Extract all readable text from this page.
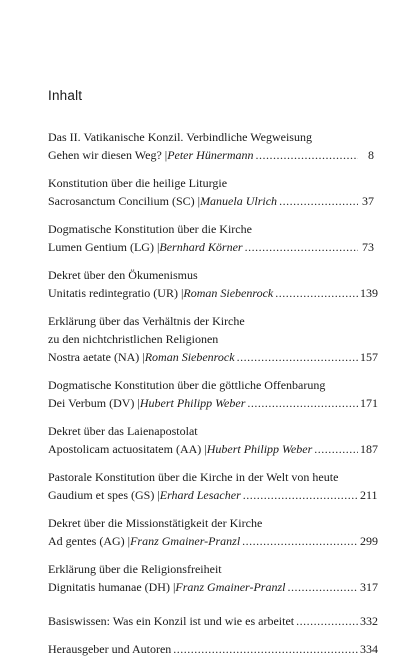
Inhalt
Das II. Vatikanische Konzil. Verbindliche Wegweisung
Gehen wir diesen Weg? | Peter Hünermann .....	8
Konstitution über die heilige Liturgie
Sacrosanctum Concilium (SC) | Manuela Ulrich .....	37
Dogmatische Konstitution über die Kirche
Lumen Gentium (LG) | Bernhard Körner .....	73
Dekret über den Ökumenismus
Unitatis redintegratio (UR) | Roman Siebenrock .....	139
Erklärung über das Verhältnis der Kirche
zu den nichtchristlichen Religionen
Nostra aetate (NA) | Roman Siebenrock .....	157
Dogmatische Konstitution über die göttliche Offenbarung
Dei Verbum (DV) | Hubert Philipp Weber .....	171
Dekret über das Laienapostolat
Apostolicam actuositatem (AA) | Hubert Philipp Weber .....	187
Pastorale Konstitution über die Kirche in der Welt von heute
Gaudium et spes (GS) | Erhard Lesacher .....	211
Dekret über die Missionstätigkeit der Kirche
Ad gentes (AG) | Franz Gmainer-Pranzl .....	299
Erklärung über die Religionsfreiheit
Dignitatis humanae (DH) | Franz Gmainer-Pranzl .....	317
Basiswissen: Was ein Konzil ist und wie es arbeitet .....	332
Herausgeber und Autoren .....	334
